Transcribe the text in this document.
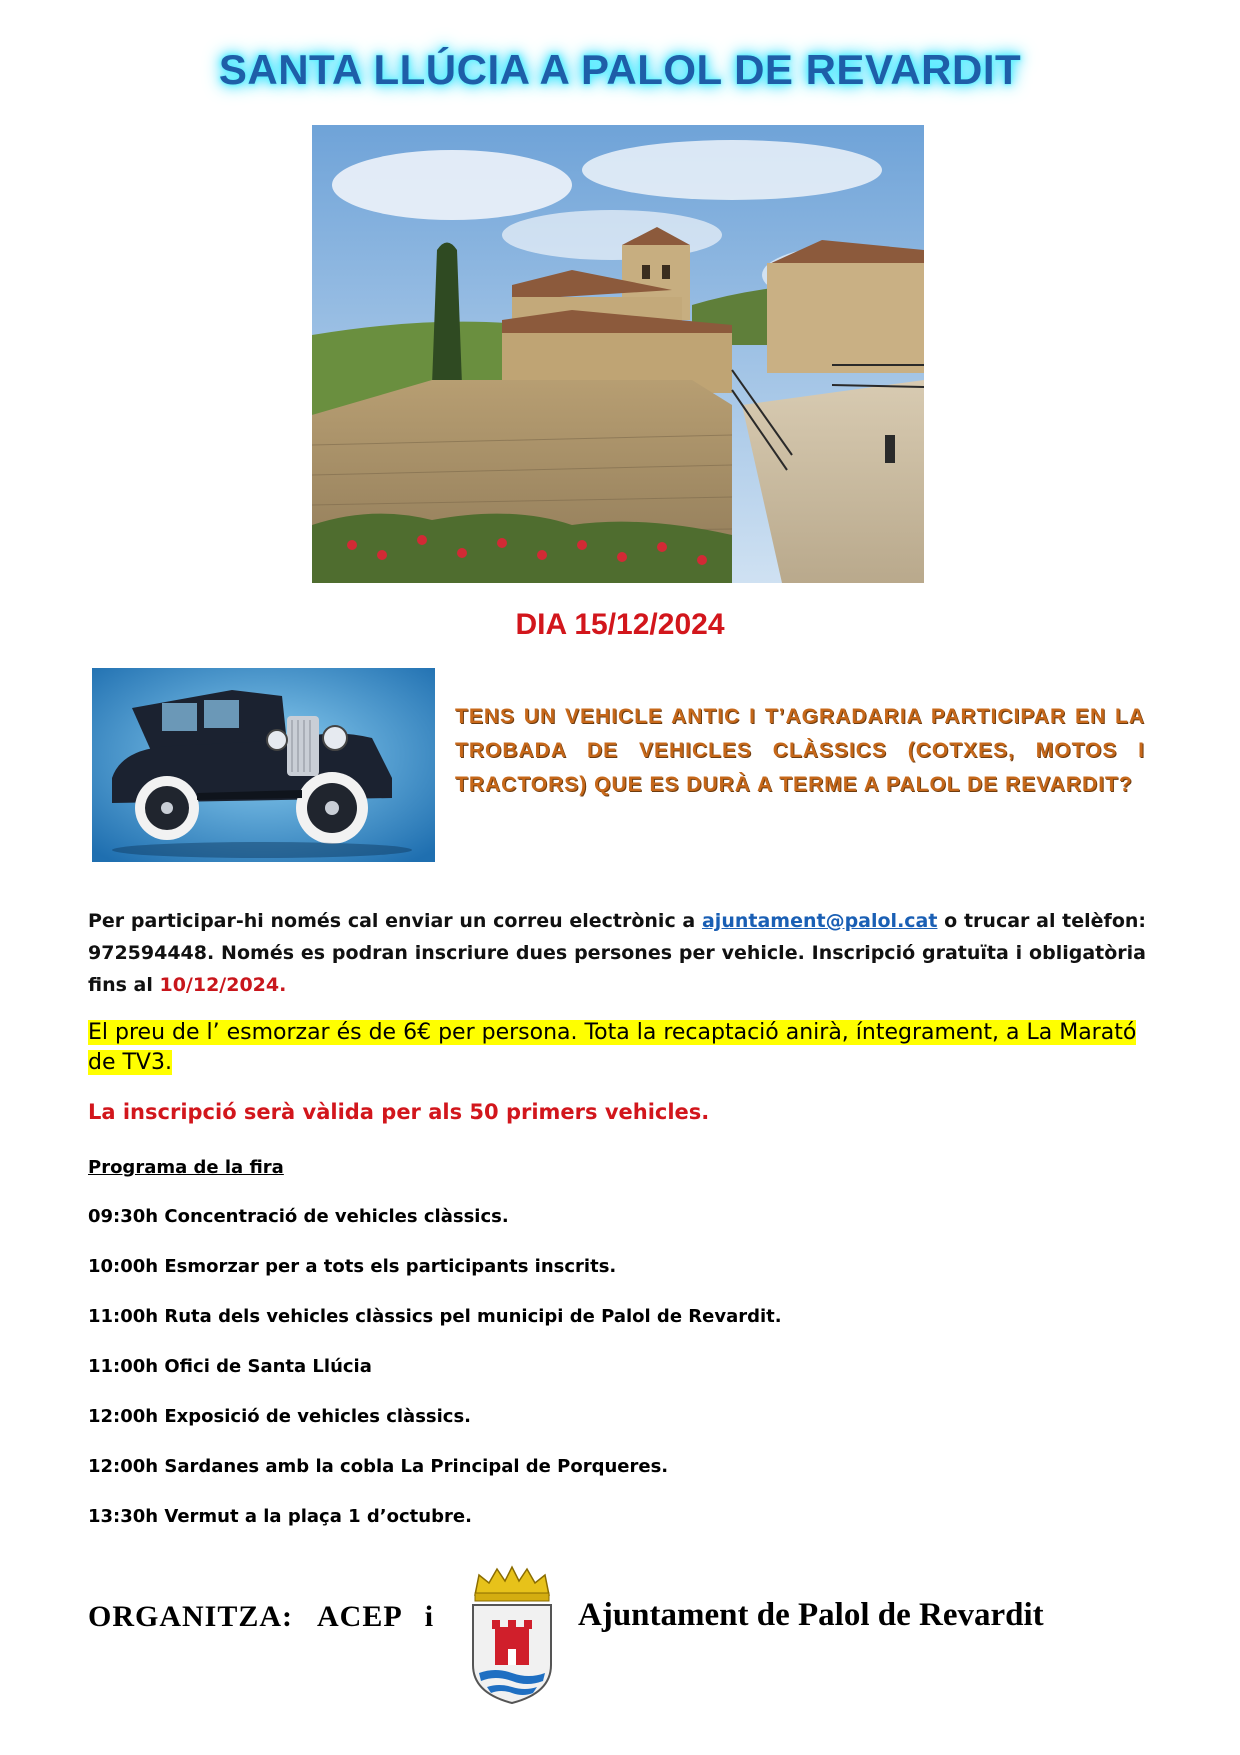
SANTA LLÚCIA A PALOL DE REVARDIT
DIA 15/12/2024
TENS UN VEHICLE ANTIC I T’AGRADARIA PARTICIPAR EN LA TROBADA DE VEHICLES CLÀSSICS (COTXES, MOTOS I TRACTORS) QUE ES DURÀ A TERME A PALOL DE REVARDIT?
Per participar-hi només cal enviar un correu electrònic a ajuntament@palol.cat o trucar al telèfon: 972594448. Només es podran inscriure dues persones per vehicle. Inscripció gratuïta i obligatòria fins al 10/12/2024.
El preu de l’ esmorzar és de 6€ per persona. Tota la recaptació anirà, íntegrament, a La Marató de TV3.
La inscripció serà vàlida per als 50 primers vehicles.
Programa de la fira
09:30h Concentració de vehicles clàssics.
10:00h Esmorzar per a tots els participants inscrits.
11:00h Ruta dels vehicles clàssics pel municipi de Palol de Revardit.
11:00h Ofici de Santa Llúcia
12:00h Exposició de vehicles clàssics.
12:00h Sardanes amb la cobla La Principal de Porqueres.
13:30h Vermut a la plaça 1 d’octubre.
ORGANITZA: ACEP i	Ajuntament de Palol de Revardit
